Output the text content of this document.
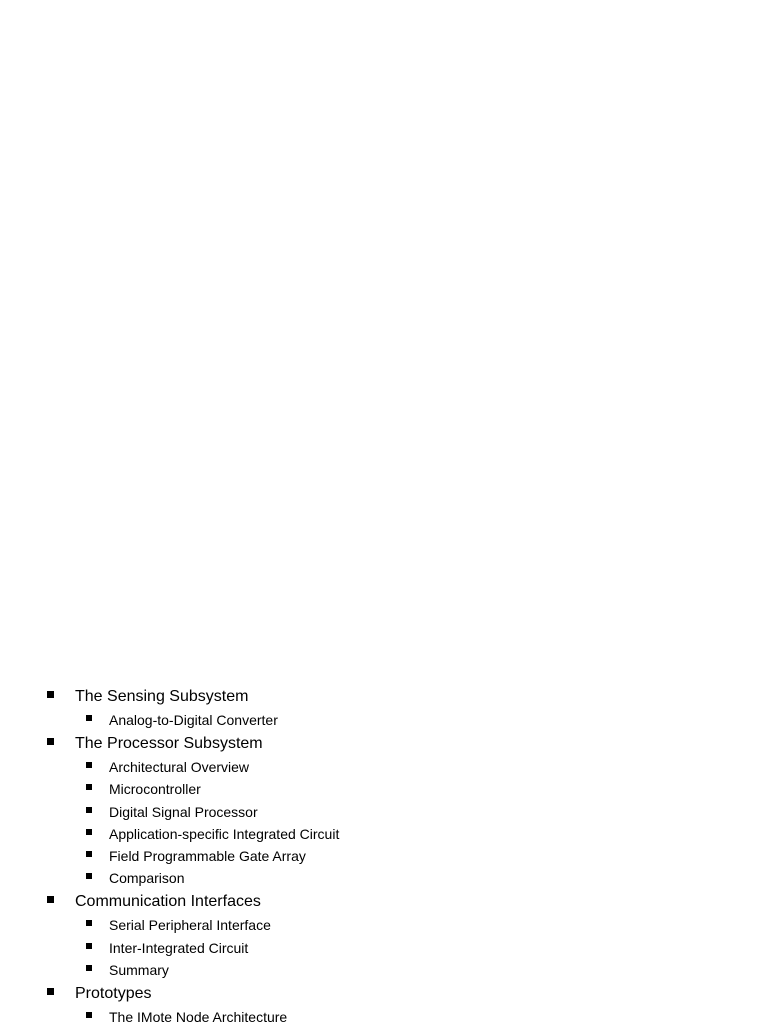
The Sensing Subsystem
Analog-to-Digital Converter
The Processor Subsystem
Architectural Overview
Microcontroller
Digital Signal Processor
Application-specific Integrated Circuit
Field Programmable Gate Array
Comparison
Communication Interfaces
Serial Peripheral Interface
Inter-Integrated Circuit
Summary
Prototypes
The IMote Node Architecture
